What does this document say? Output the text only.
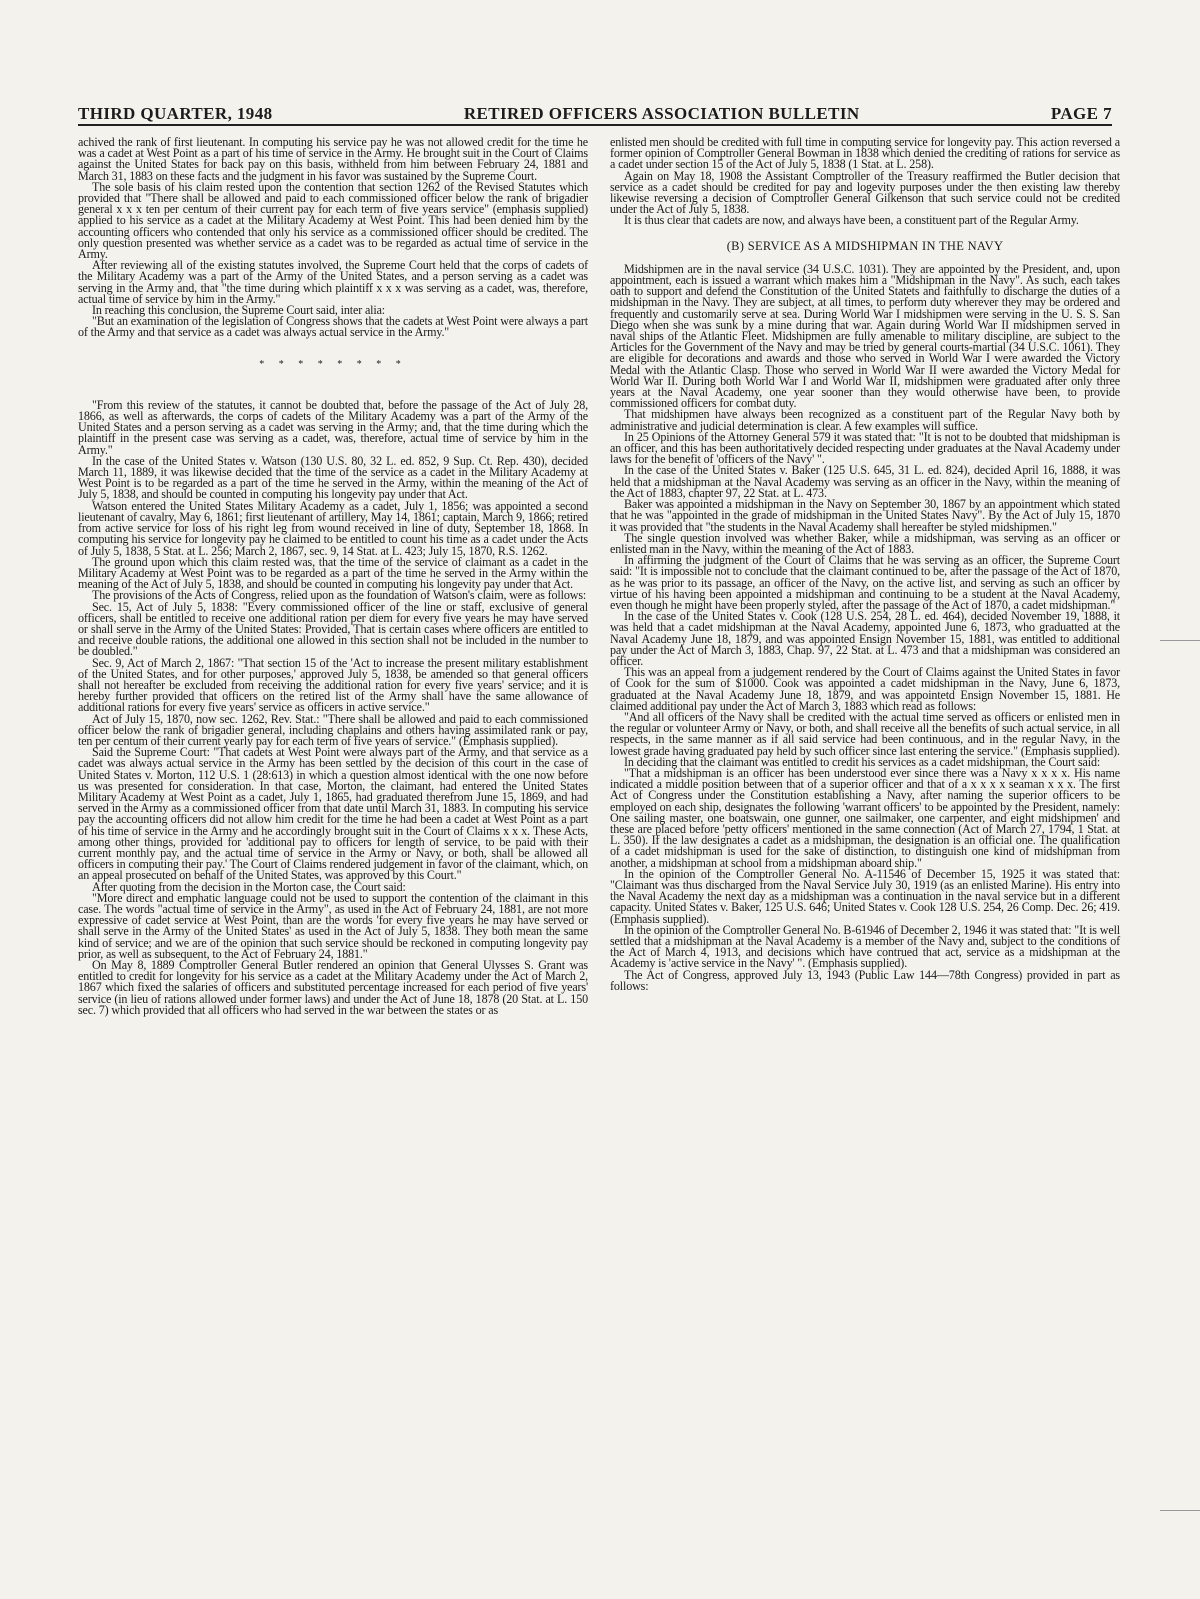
THIRD QUARTER, 1948	RETIRED OFFICERS ASSOCIATION BULLETIN	PAGE 7

achived the rank of first lieutenant. In computing his service pay he was not allowed credit for the time he was a cadet at West Point as a part of his time of service in the Army. He brought suit in the Court of Claims against the United States for back pay on this basis, withheld from him between February 24, 1881 and March 31, 1883 on these facts and the judgment in his favor was sustained by the Supreme Court.

The sole basis of his claim rested upon the contention that section 1262 of the Revised Statutes which provided that "There shall be allowed and paid to each commissioned officer below the rank of brigadier general x x x ten per centum of their current pay for each term of five years service" (emphasis supplied) applied to his service as a cadet at the Military Academy at West Point. This had been denied him by the accounting officers who contended that only his service as a commissioned officer should be credited. The only question presented was whether service as a cadet was to be regarded as actual time of service in the Army.

After reviewing all of the existing statutes involved, the Supreme Court held that the corps of cadets of the Military Academy was a part of the Army of the United States, and a person serving as a cadet was serving in the Army and, that "the time during which plaintiff x x x was serving as a cadet, was, therefore, actual time of service by him in the Army."

In reaching this conclusion, the Supreme Court said, inter alia:

"But an examination of the legislation of Congress shows that the cadets at West Point were always a part of the Army and that service as a cadet was always actual service in the Army."

* * * * * * * *

"From this review of the statutes, it cannot be doubted that, before the passage of the Act of July 28, 1866, as well as afterwards, the corps of cadets of the Military Academy was a part of the Army of the United States and a person serving as a cadet was serving in the Army; and, that the time during which the plaintiff in the present case was serving as a cadet, was, therefore, actual time of service by him in the Army."

In the case of the United States v. Watson (130 U.S. 80, 32 L. ed. 852, 9 Sup. Ct. Rep. 430), decided March 11, 1889, it was likewise decided that the time of the service as a cadet in the Military Academy at West Point is to be regarded as a part of the time he served in the Army, within the meaning of the Act of July 5, 1838, and should be counted in computing his longevity pay under that Act.

Watson entered the United States Military Academy as a cadet, July 1, 1856; was appointed a second lieutenant of cavalry, May 6, 1861; first lieutenant of artillery, May 14, 1861; captain, March 9, 1866; retired from active service for loss of his right leg from wound received in line of duty, September 18, 1868. In computing his service for longevity pay he claimed to be entitled to count his time as a cadet under the Acts of July 5, 1838, 5 Stat. at L. 256; March 2, 1867, sec. 9, 14 Stat. at L. 423; July 15, 1870, R.S. 1262.

The ground upon which this claim rested was, that the time of the service of claimant as a cadet in the Military Academy at West Point was to be regarded as a part of the time he served in the Army within the meaning of the Act of July 5, 1838, and should be counted in computing his longevity pay under that Act.

The provisions of the Acts of Congress, relied upon as the foundation of Watson's claim, were as follows:

Sec. 15, Act of July 5, 1838: "Every commissioned officer of the line or staff, exclusive of general officers, shall be entitled to receive one additional ration per diem for every five years he may have served or shall serve in the Army of the United States: Provided, That is certain cases where officers are entitled to and receive double rations, the additional one allowed in this section shall not be included in the number to be doubled."

Sec. 9, Act of March 2, 1867: "That section 15 of the 'Act to increase the present military establishment of the United States, and for other purposes,' approved July 5, 1838, be amended so that general officers shall not hereafter be excluded from receiving the additional ration for every five years' service; and it is hereby further provided that officers on the retired list of the Army shall have the same allowance of additional rations for every five years' service as officers in active service."

Act of July 15, 1870, now sec. 1262, Rev. Stat.: "There shall be allowed and paid to each commissioned officer below the rank of brigadier general, including chaplains and others having assimilated rank or pay, ten per centum of their current yearly pay for each term of five years of service." (Emphasis supplied).

Said the Supreme Court: "That cadets at West Point were always part of the Army, and that service as a cadet was always actual service in the Army has been settled by the decision of this court in the case of United States v. Morton, 112 U.S. 1 (28:613) in which a question almost identical with the one now before us was presented for consideration. In that case, Morton, the claimant, had entered the United States Military Academy at West Point as a cadet, July 1, 1865, had graduated therefrom June 15, 1869, and had served in the Army as a commissioned officer from that date until March 31, 1883. In computing his service pay the accounting officers did not allow him credit for the time he had been a cadet at West Point as a part of his time of service in the Army and he accordingly brought suit in the Court of Claims x x x. These Acts, among other things, provided for 'additional pay to officers for length of service, to be paid with their current monthly pay, and the actual time of service in the Army or Navy, or both, shall be allowed all officers in computing their pay.' The Court of Claims rendered judgement in favor of the claimant, which, on an appeal prosecuted on behalf of the United States, was approved by this Court."

After quoting from the decision in the Morton case, the Court said:

"More direct and emphatic language could not be used to support the contention of the claimant in this case. The words "actual time of service in the Army", as used in the Act of February 24, 1881, are not more expressive of cadet service at West Point, than are the words 'for every five years he may have served or shall serve in the Army of the United States' as used in the Act of July 5, 1838. They both mean the same kind of service; and we are of the opinion that such service should be reckoned in computing longevity pay prior, as well as subsequent, to the Act of February 24, 1881."

On May 8, 1889 Comptroller General Butler rendered an opinion that General Ulysses S. Grant was entitled to credit for longevity for his service as a cadet at the Military Academy under the Act of March 2, 1867 which fixed the salaries of officers and substituted percentage increased for each period of five years' service (in lieu of rations allowed under former laws) and under the Act of June 18, 1878 (20 Stat. at L. 150 sec. 7) which provided that all officers who had served in the war between the states or as

enlisted men should be credited with full time in computing service for longevity pay. This action reversed a former opinion of Comptroller General Bowman in 1838 which denied the crediting of rations for service as a cadet under section 15 of the Act of July 5, 1838 (1 Stat. at L. 258).

Again on May 18, 1908 the Assistant Comptroller of the Treasury reaffirmed the Butler decision that service as a cadet should be credited for pay and logevity purposes under the then existing law thereby likewise reversing a decision of Comptroller General Gilkenson that such service could not be credited under the Act of July 5, 1838.

It is thus clear that cadets are now, and always have been, a constituent part of the Regular Army.

(B) SERVICE AS A MIDSHIPMAN IN THE NAVY

Midshipmen are in the naval service (34 U.S.C. 1031). They are appointed by the President, and, upon appointment, each is issued a warrant which makes him a "Midshipman in the Navy". As such, each takes oath to support and defend the Constitution of the United Statets and faithfully to discharge the duties of a midshipman in the Navy. They are subject, at all times, to perform duty wherever they may be ordered and frequently and customarily serve at sea. During World War I midshipmen were serving in the U. S. S. San Diego when she was sunk by a mine during that war. Again during World War II midshipmen served in naval ships of the Atlantic Fleet. Midshipmen are fully amenable to military discipline, are subject to the Articles for the Government of the Navy and may be tried by general courts-martial (34 U.S.C. 1061). They are eligible for decorations and awards and those who served in World War I were awarded the Victory Medal with the Atlantic Clasp. Those who served in World War II were awarded the Victory Medal for World War II. During both World War I and World War II, midshipmen were graduated after only three years at the Naval Academy, one year sooner than they would otherwise have been, to provide commissioned officers for combat duty.

That midshipmen have always been recognized as a constituent part of the Regular Navy both by administrative and judicial determination is clear. A few examples will suffice.

In 25 Opinions of the Attorney General 579 it was stated that: "It is not to be doubted that midshipman is an officer, and this has been authoritatively decided respecting under graduates at the Naval Academy under laws for the benefit of 'officers of the Navy' ".

In the case of the United States v. Baker (125 U.S. 645, 31 L. ed. 824), decided April 16, 1888, it was held that a midshipman at the Naval Academy was serving as an officer in the Navy, within the meaning of the Act of 1883, chapter 97, 22 Stat. at L. 473.

Baker was appointed a midshipman in the Navy on September 30, 1867 by an appointment which stated that he was "appointed in the grade of midshipman in the United States Navy". By the Act of July 15, 1870 it was provided that "the students in the Naval Academy shall hereafter be styled midshipmen."

The single question involved was whether Baker, while a midshipman, was serving as an officer or enlisted man in the Navy, within the meaning of the Act of 1883.

In affirming the judgment of the Court of Claims that he was serving as an officer, the Supreme Court said: "It is impossible not to conclude that the claimant continued to be, after the passage of the Act of 1870, as he was prior to its passage, an officer of the Navy, on the active list, and serving as such an officer by virtue of his having been appointed a midshipman and continuing to be a student at the Naval Academy, even though he might have been properly styled, after the passage of the Act of 1870, a cadet midshipman."

In the case of the United States v. Cook (128 U.S. 254, 28 L. ed. 464), decided November 19, 1888, it was held that a cadet midshipman at the Naval Academy, appointed June 6, 1873, who graduatted at the Naval Academy June 18, 1879, and was appointed Ensign November 15, 1881, was entitled to additional pay under the Act of March 3, 1883, Chap. 97, 22 Stat. at L. 473 and that a midshipman was considered an officer.

This was an appeal from a judgement rendered by the Court of Claims against the United States in favor of Cook for the sum of $1000. Cook was appointed a cadet midshipman in the Navy, June 6, 1873, graduated at the Naval Academy June 18, 1879, and was appointetd Ensign November 15, 1881. He claimed additional pay under the Act of March 3, 1883 which read as follows:

"And all officers of the Navy shall be credited with the actual time served as officers or enlisted men in the regular or volunteer Army or Navy, or both, and shall receive all the benefits of such actual service, in all respects, in the same manner as if all said service had been continuous, and in the regular Navy, in the lowest grade having graduated pay held by such officer since last entering the service." (Emphasis supplied).

In deciding that the claimant was entitled to credit his services as a cadet midshipman, the Court said:

"That a midshipman is an officer has been understood ever since there was a Navy x x x x. His name indicated a middle position between that of a superior officer and that of a x x x x seaman x x x. The first Act of Congress under the Constitution establishing a Navy, after naming the superior officers to be employed on each ship, designates the following 'warrant officers' to be appointed by the President, namely: One sailing master, one boatswain, one gunner, one sailmaker, one carpenter, and eight midshipmen' and these are placed before 'petty officers' mentioned in the same connection (Act of March 27, 1794, 1 Stat. at L. 350). If the law designates a cadet as a midshipman, the designation is an official one. The qualification of a cadet midshipman is used for the sake of distinction, to distinguish one kind of midshipman from another, a midshipman at school from a midshipman aboard ship."

In the opinion of the Comptroller General No. A-11546 of December 15, 1925 it was stated that: "Claimant was thus discharged from the Naval Service July 30, 1919 (as an enlisted Marine). His entry into the Naval Academy the next day as a midshipman was a continuation in the naval service but in a different capacity. United States v. Baker, 125 U.S. 646; United States v. Cook 128 U.S. 254, 26 Comp. Dec. 26; 419. (Emphasis supplied).

In the opinion of the Comptroller General No. B-61946 of December 2, 1946 it was stated that: "It is well settled that a midshipman at the Naval Academy is a member of the Navy and, subject to the conditions of the Act of March 4, 1913, and decisions which have contrued that act, service as a midshipman at the Academy is 'active service in the Navy' ". (Emphasis supplied).

The Act of Congress, approved July 13, 1943 (Public Law 144—78th Congress) provided in part as follows:
